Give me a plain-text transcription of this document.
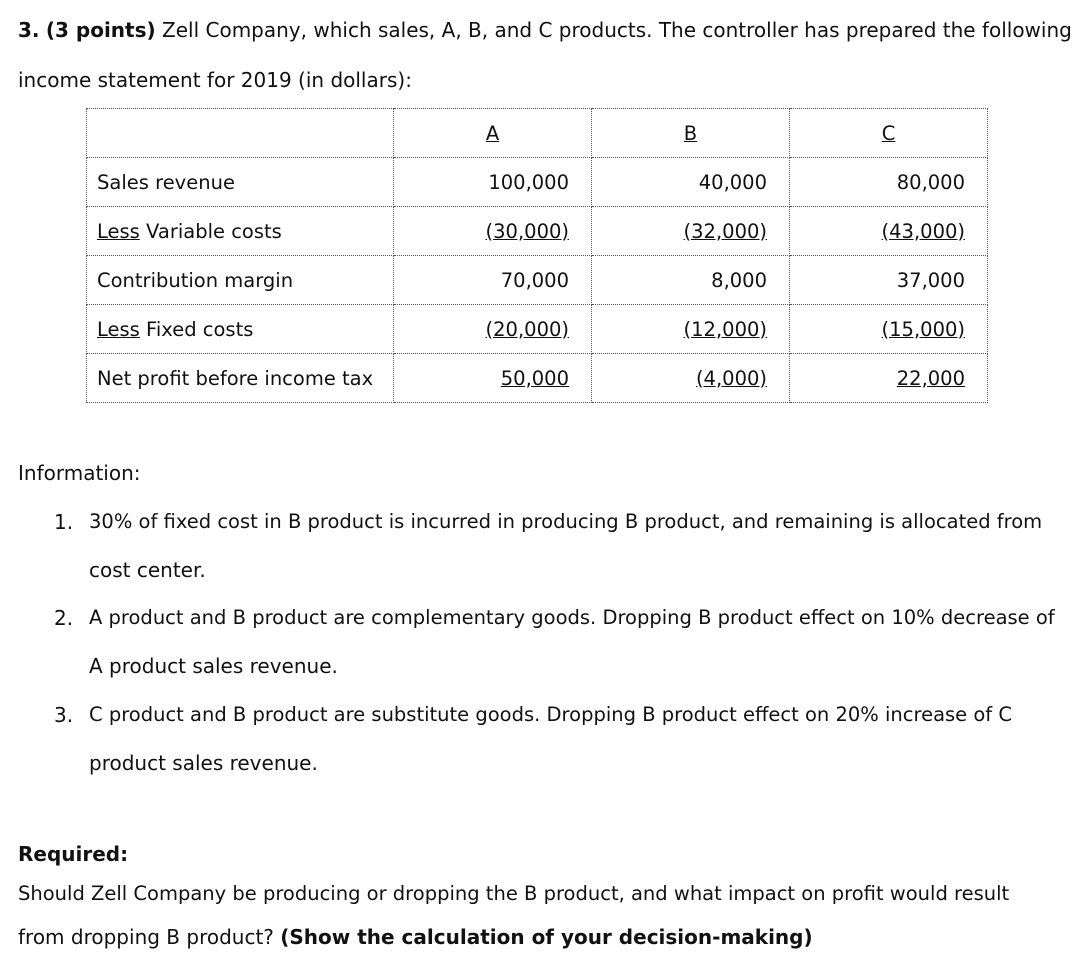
3. (3 points) Zell Company, which sales, A, B, and C products. The controller has prepared the following
income statement for 2019 (in dollars):
	A	B	C
Sales revenue	100,000	40,000	80,000
Less Variable costs	(30,000)	(32,000)	(43,000)
Contribution margin	70,000	8,000	37,000
Less Fixed costs	(20,000)	(12,000)	(15,000)
Net profit before income tax	50,000	(4,000)	22,000
Information:
1. 30% of fixed cost in B product is incurred in producing B product, and remaining is allocated from
cost center.
2. A product and B product are complementary goods. Dropping B product effect on 10% decrease of
A product sales revenue.
3. C product and B product are substitute goods. Dropping B product effect on 20% increase of C
product sales revenue.
Required:
Should Zell Company be producing or dropping the B product, and what impact on profit would result
from dropping B product? (Show the calculation of your decision-making)
